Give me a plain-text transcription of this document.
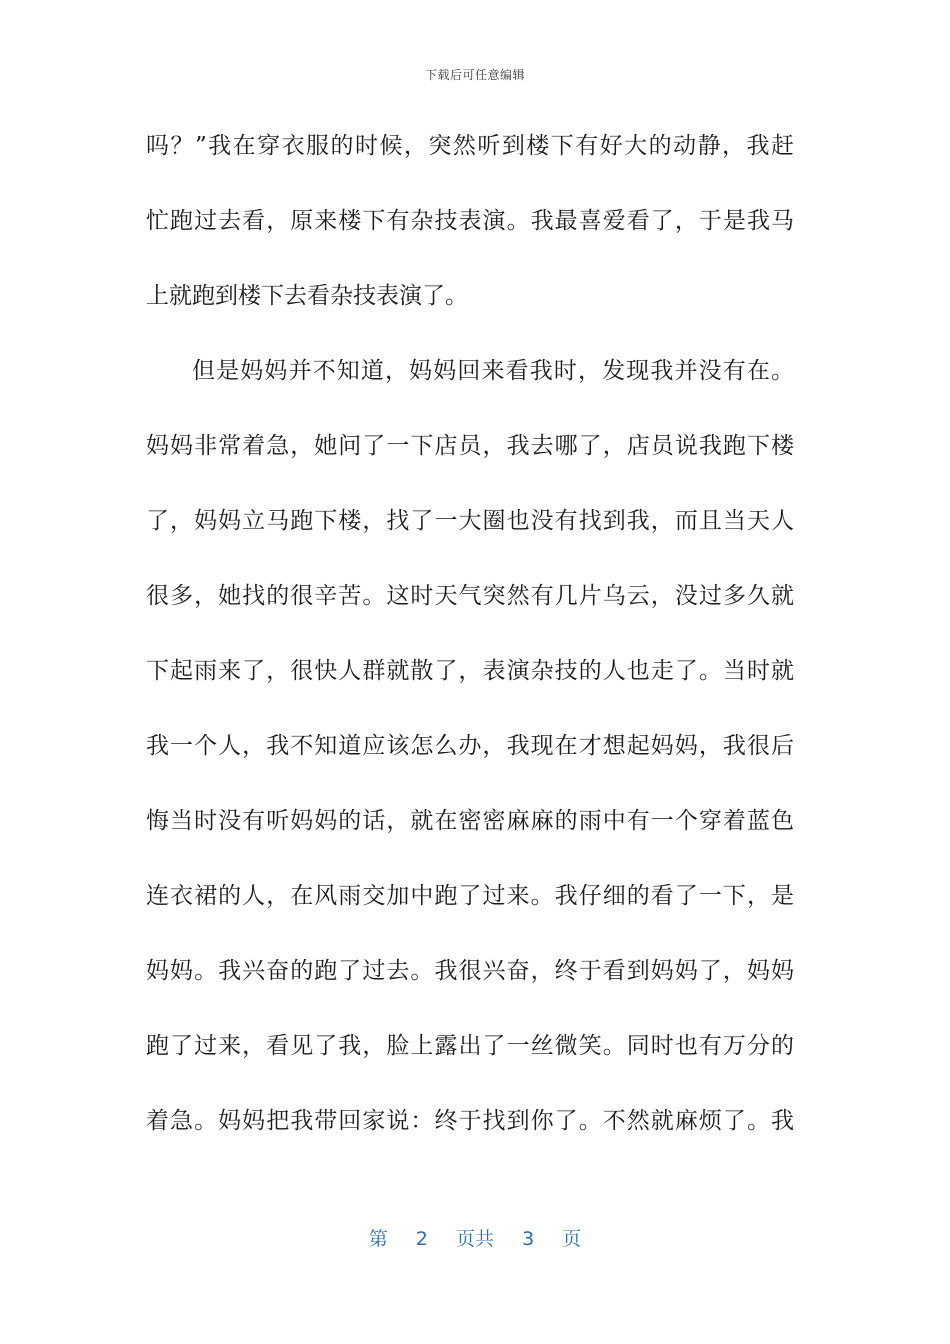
下载后可任意编辑
吗？”我在穿衣服的时候，突然听到楼下有好大的动静，我赶
忙跑过去看，原来楼下有杂技表演。我最喜爱看了，于是我马
上就跑到楼下去看杂技表演了。
但是妈妈并不知道，妈妈回来看我时，发现我并没有在。
妈妈非常着急，她问了一下店员，我去哪了，店员说我跑下楼
了，妈妈立马跑下楼，找了一大圈也没有找到我，而且当天人
很多，她找的很辛苦。这时天气突然有几片乌云，没过多久就
下起雨来了，很快人群就散了，表演杂技的人也走了。当时就
我一个人，我不知道应该怎么办，我现在才想起妈妈，我很后
悔当时没有听妈妈的话，就在密密麻麻的雨中有一个穿着蓝色
连衣裙的人，在风雨交加中跑了过来。我仔细的看了一下，是
妈妈。我兴奋的跑了过去。我很兴奋，终于看到妈妈了，妈妈
跑了过来，看见了我，脸上露出了一丝微笑。同时也有万分的
着急。妈妈把我带回家说：终于找到你了。不然就麻烦了。我
第 2 页共 3 页
